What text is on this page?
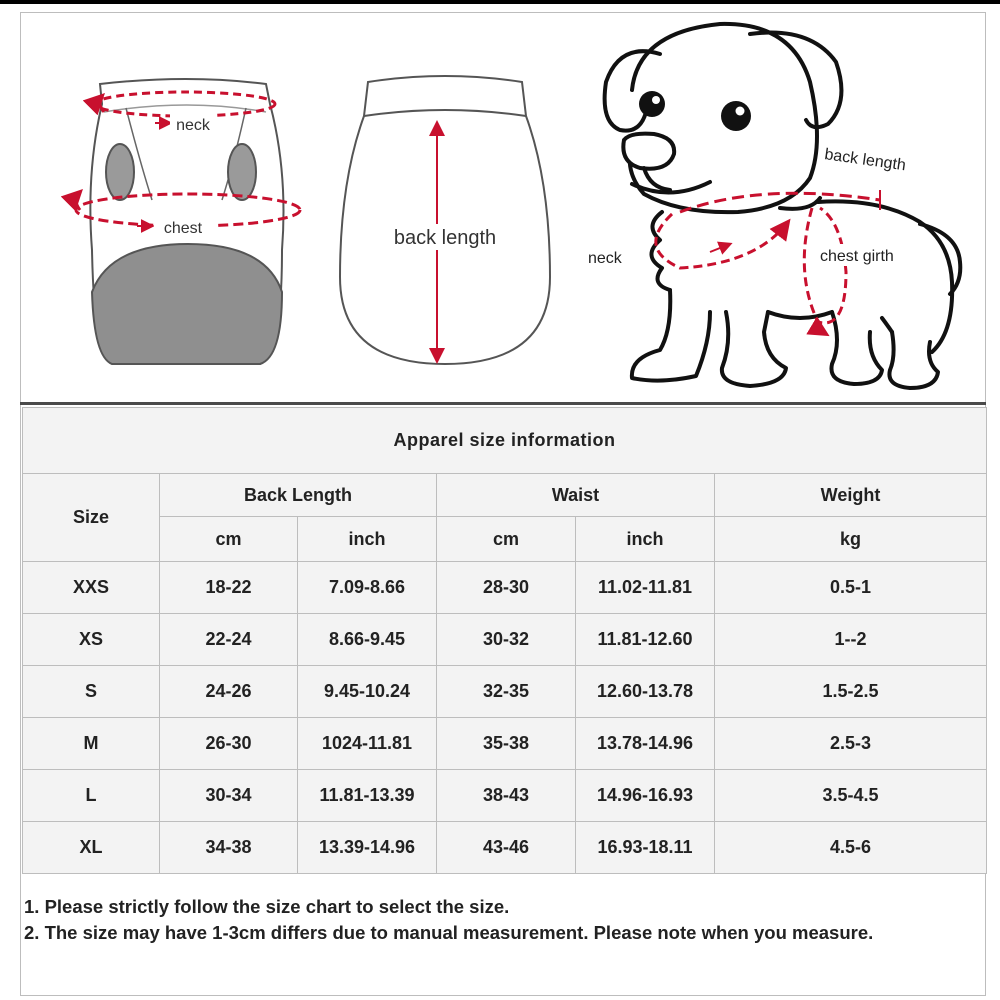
neck
chest	back length
back length
neck	chest girth
Apparel size information					
Size	Back Length		Waist		Weight
	cm	inch	cm	inch	kg
XXS	18-22	7.09-8.66	28-30	11.02-11.81	0.5-1
XS	22-24	8.66-9.45	30-32	11.81-12.60	1--2
S	24-26	9.45-10.24	32-35	12.60-13.78	1.5-2.5
M	26-30	1024-11.81	35-38	13.78-14.96	2.5-3
L	30-34	11.81-13.39	38-43	14.96-16.93	3.5-4.5
XL	34-38	13.39-14.96	43-46	16.93-18.11	4.5-6

1. Please strictly follow the size chart to select the size.

2. The size may have 1-3cm differs due to manual measurement. Please note when you measure.
